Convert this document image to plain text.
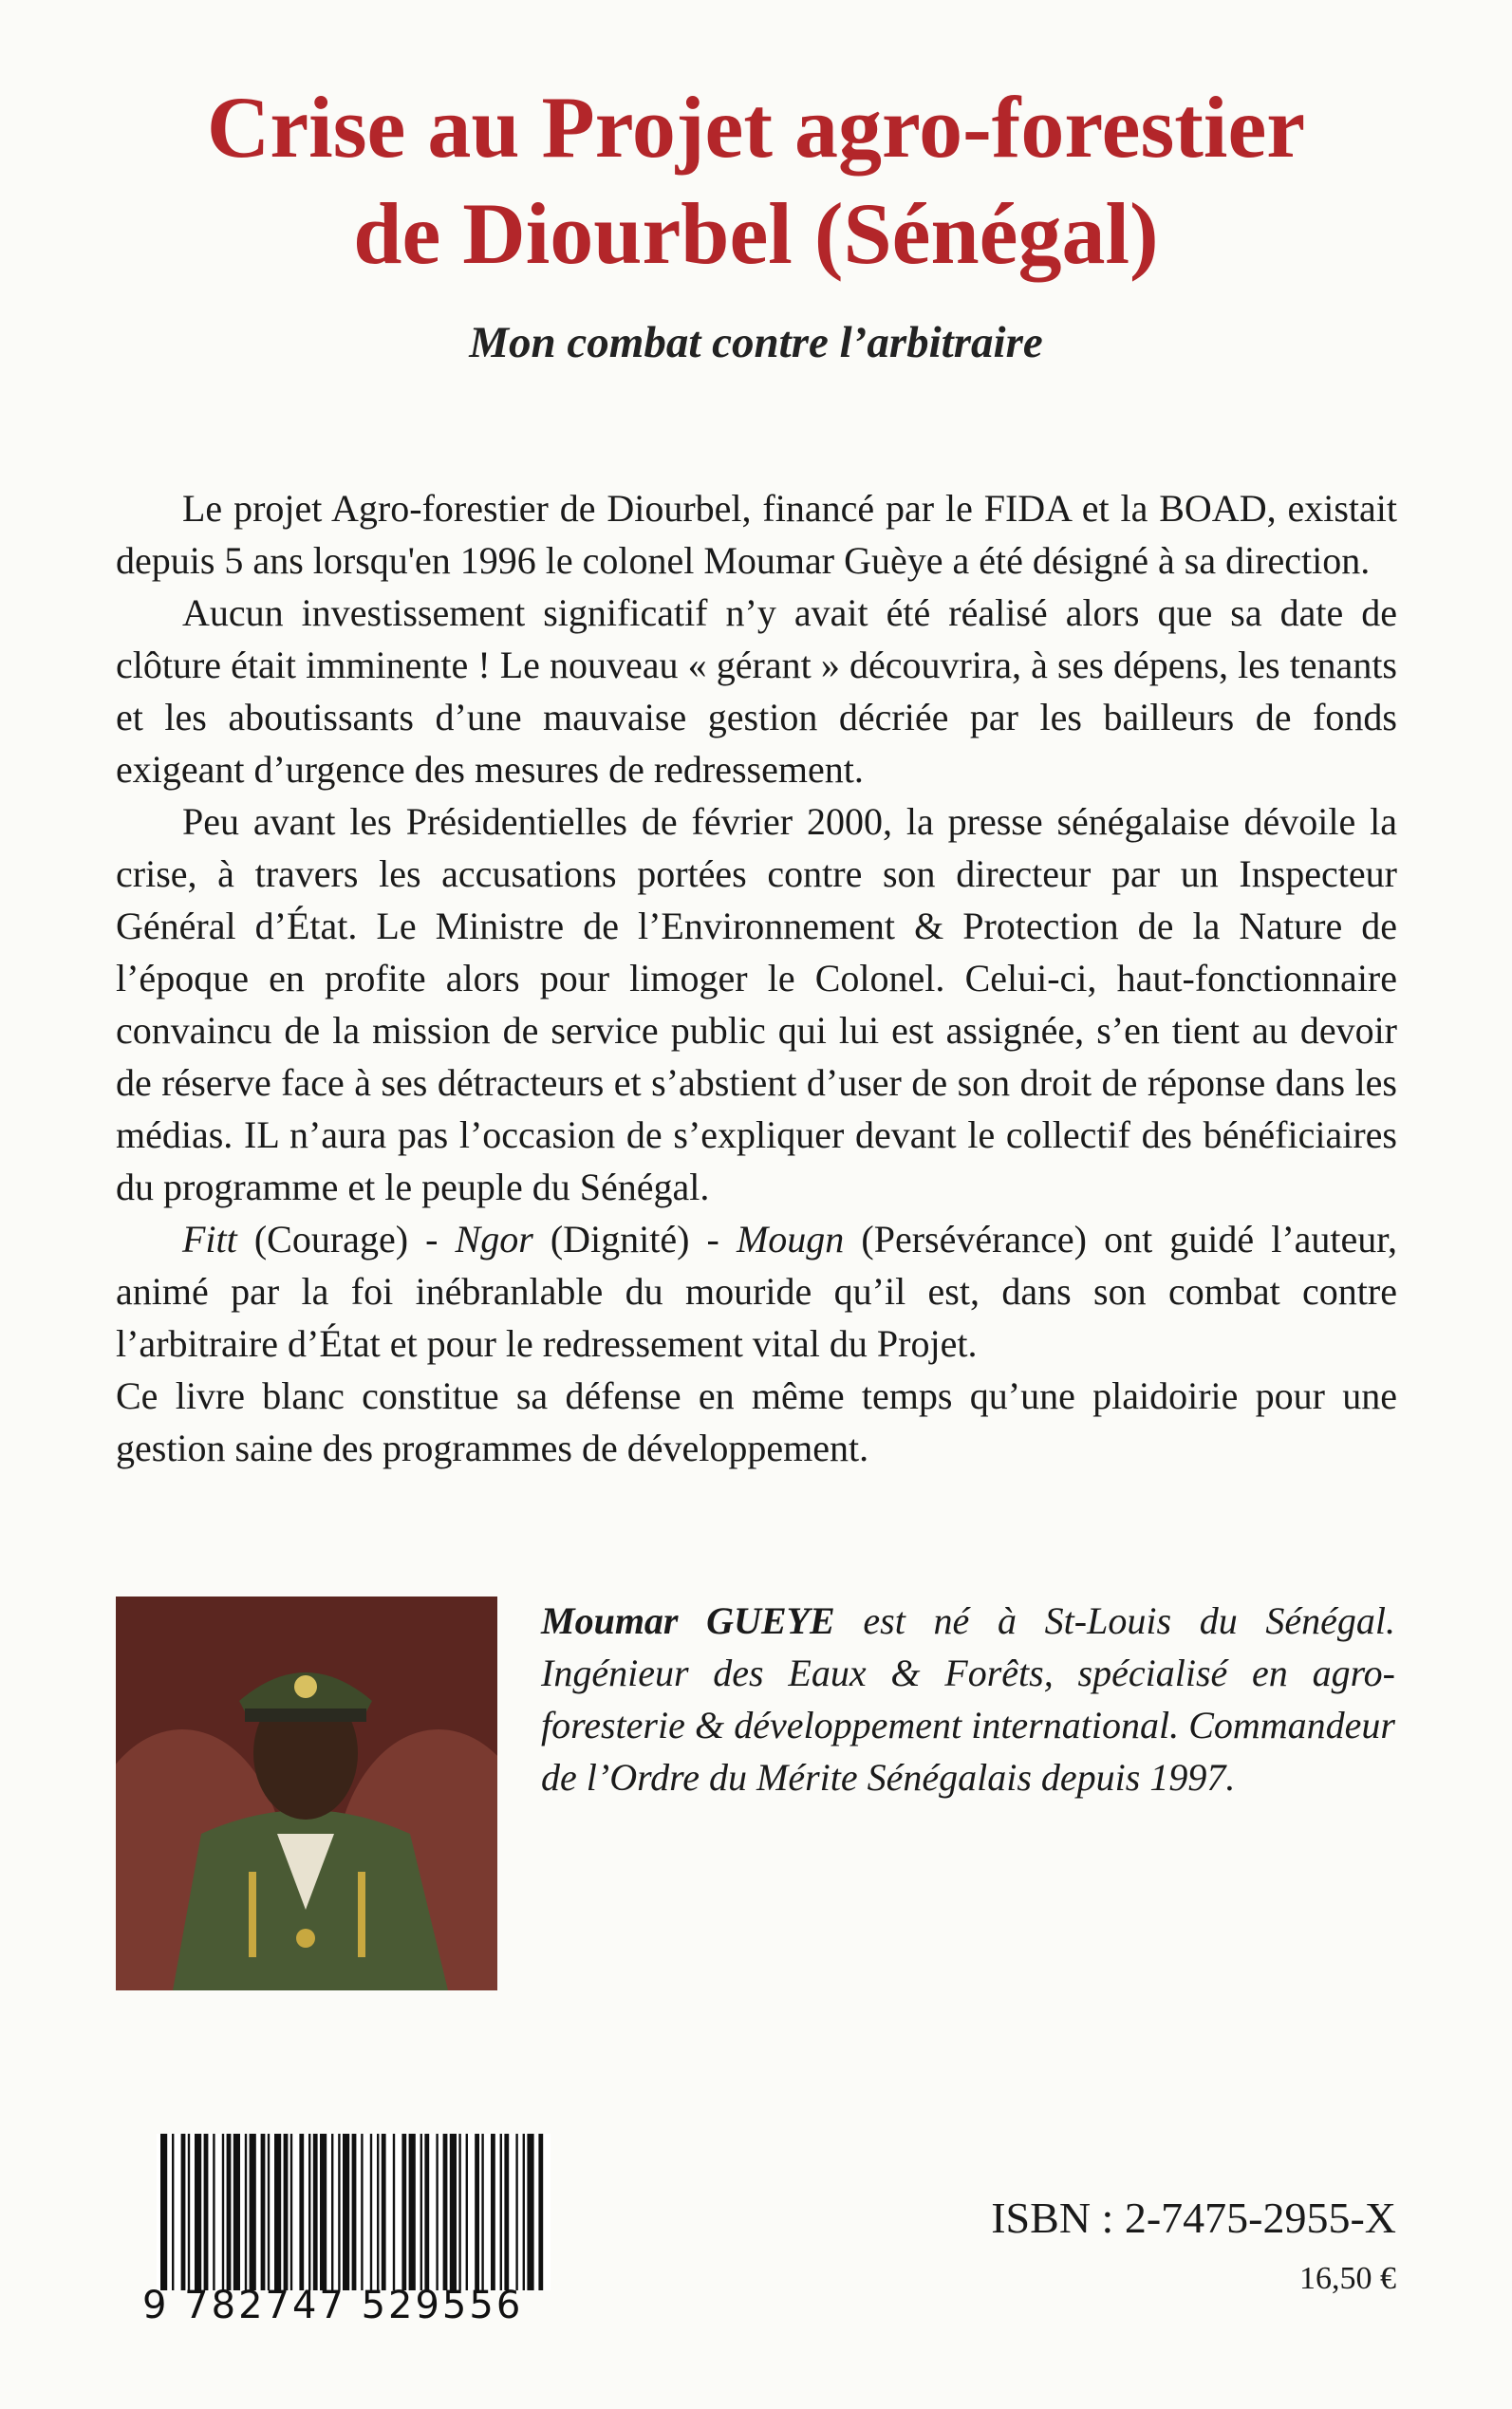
Crise au Projet agro-forestier
de Diourbel (Sénégal)
Mon combat contre l’arbitraire

Le projet Agro-forestier de Diourbel, financé par le FIDA et la BOAD, existait depuis 5 ans lorsqu'en 1996 le colonel Moumar Guèye a été désigné à sa direction.

Aucun investissement significatif n’y avait été réalisé alors que sa date de clôture était imminente ! Le nouveau « gérant » découvrira, à ses dépens, les tenants et les aboutissants d’une mauvaise gestion décriée par les bailleurs de fonds exigeant d’urgence des mesures de redressement.

Peu avant les Présidentielles de février 2000, la presse sénégalaise dévoile la crise, à travers les accusations portées contre son directeur par un Inspecteur Général d’État. Le Ministre de l’Environnement & Protection de la Nature de l’époque en profite alors pour limoger le Colonel. Celui-ci, haut-fonctionnaire convaincu de la mission de service public qui lui est assignée, s’en tient au devoir de réserve face à ses détracteurs et s’abstient d’user de son droit de réponse dans les médias. IL n’aura pas l’occasion de s’expliquer devant le collectif des bénéficiaires du programme et le peuple du Sénégal.

Fitt (Courage) - Ngor (Dignité) - Mougn (Persévérance) ont guidé l’auteur, animé par la foi inébranlable du mouride qu’il est, dans son combat contre l’arbitraire d’État et pour le redressement vital du Projet.

Ce livre blanc constitue sa défense en même temps qu’une plaidoirie pour une gestion saine des programmes de développement.

Moumar GUEYE est né à St-Louis du Sénégal. Ingénieur des Eaux & Forêts, spécialisé en agro-foresterie & développement international. Commandeur de l’Ordre du Mérite Sénégalais depuis 1997.
9 782747 529556
ISBN : 2-7475-2955-X
16,50 €
